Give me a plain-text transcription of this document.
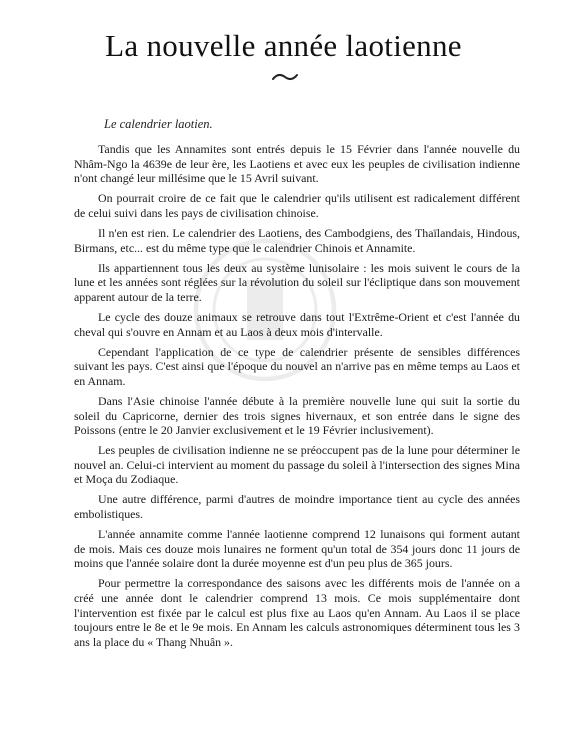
La nouvelle année laotienne
Le calendrier laotien.

Tandis que les Annamites sont entrés depuis le 15 Février dans l'année nouvelle du Nhâm-Ngo la 4639e de leur ère, les Laotiens et avec eux les peuples de civilisation indienne n'ont changé leur millésime que le 15 Avril suivant.

On pourrait croire de ce fait que le calendrier qu'ils utilisent est radicalement différent de celui suivi dans les pays de civilisation chinoise.

Il n'en est rien. Le calendrier des Laotiens, des Cambodgiens, des Thaïlandais, Hindous, Birmans, etc... est du même type que le calendrier Chinois et Annamite.

Ils appartiennent tous les deux au système lunisolaire : les mois suivent le cours de la lune et les années sont réglées sur la révolution du soleil sur l'écliptique dans son mouvement apparent autour de la terre.

Le cycle des douze animaux se retrouve dans tout l'Extrême-Orient et c'est l'année du cheval qui s'ouvre en Annam et au Laos à deux mois d'intervalle.

Cependant l'application de ce type de calendrier présente de sensibles différences suivant les pays. C'est ainsi que l'époque du nouvel an n'arrive pas en même temps au Laos et en Annam.

Dans l'Asie chinoise l'année débute à la première nouvelle lune qui suit la sortie du soleil du Capricorne, dernier des trois signes hivernaux, et son entrée dans le signe des Poissons (entre le 20 Janvier exclusivement et le 19 Février inclusivement).

Les peuples de civilisation indienne ne se préoccupent pas de la lune pour déterminer le nouvel an. Celui-ci intervient au moment du passage du soleil à l'intersection des signes Mina et Moça du Zodiaque.

Une autre différence, parmi d'autres de moindre importance tient au cycle des années embolistiques.

L'année annamite comme l'année laotienne comprend 12 lunaisons qui forment autant de mois. Mais ces douze mois lunaires ne forment qu'un total de 354 jours donc 11 jours de moins que l'année solaire dont la durée moyenne est d'un peu plus de 365 jours.

Pour permettre la correspondance des saisons avec les différents mois de l'année on a créé une année dont le calendrier comprend 13 mois. Ce mois supplémentaire dont l'intervention est fixée par le calcul est plus fixe au Laos qu'en Annam. Au Laos il se place toujours entre le 8e et le 9e mois. En Annam les calculs astronomiques déterminent tous les 3 ans la place du « Thang Nhuân ».
